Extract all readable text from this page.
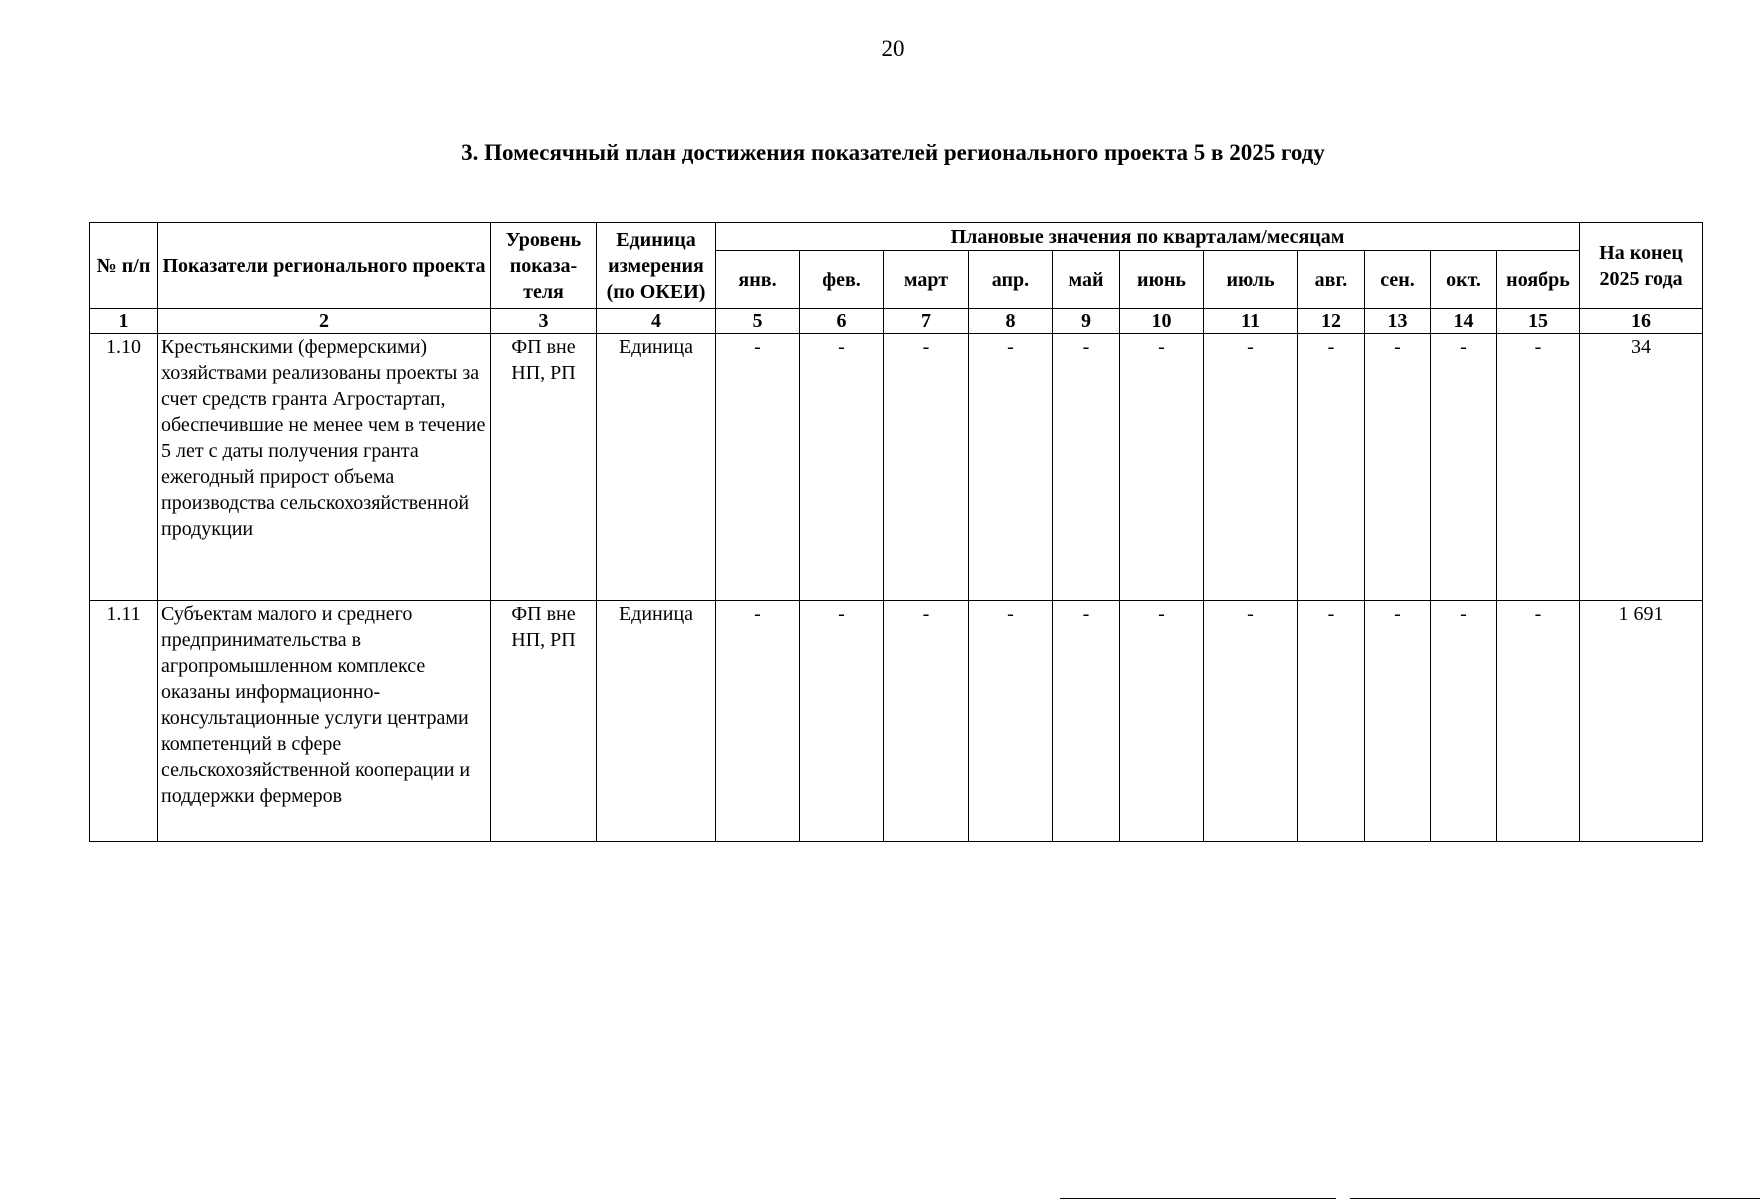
20
3. Помесячный план достижения показателей регионального проекта 5 в 2025 году
№ п/п	Показатели регионального проекта	Уровень показа-теля	Единица измерения (по ОКЕИ)	Плановые значения по кварталам/месяцам											На конец 2025 года
				янв.	фев.	март	апр.	май	июнь	июль	авг.	сен.	окт.	ноябрь	
1	2	3	4	5	6	7	8	9	10	11	12	13	14	15	16
1.10	Крестьянскими (фермерскими) хозяйствами реализованы проекты за счет средств гранта Агростартап, обеспечившие не менее чем в течение 5 лет с даты получения гранта ежегодный прирост объема производства сельскохозяйственной продукции	ФП вне НП, РП	Единица	-	-	-	-	-	-	-	-	-	-	-	34
1.11	Субъектам малого и среднего предпринимательства в агропромышленном комплексе оказаны информационно-консультационные услуги центрами компетенций в сфере сельскохозяйственной кооперации и поддержки фермеров	ФП вне НП, РП	Единица	-	-	-	-	-	-	-	-	-	-	-	1 691
